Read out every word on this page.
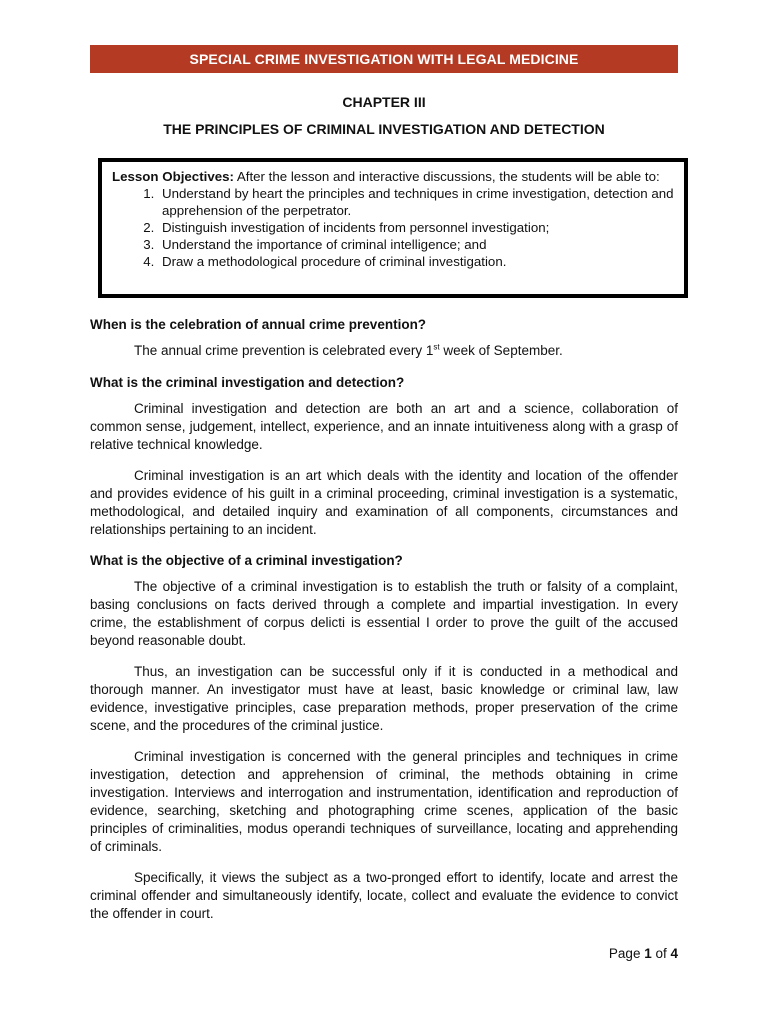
SPECIAL CRIME INVESTIGATION WITH LEGAL MEDICINE
CHAPTER III
THE PRINCIPLES OF CRIMINAL INVESTIGATION AND DETECTION
Lesson Objectives: After the lesson and interactive discussions, the students will be able to:
1. Understand by heart the principles and techniques in crime investigation, detection and apprehension of the perpetrator.
2. Distinguish investigation of incidents from personnel investigation;
3. Understand the importance of criminal intelligence; and
4. Draw a methodological procedure of criminal investigation.
When is the celebration of annual crime prevention?
The annual crime prevention is celebrated every 1st week of September.
What is the criminal investigation and detection?
Criminal investigation and detection are both an art and a science, collaboration of common sense, judgement, intellect, experience, and an innate intuitiveness along with a grasp of relative technical knowledge.
Criminal investigation is an art which deals with the identity and location of the offender and provides evidence of his guilt in a criminal proceeding, criminal investigation is a systematic, methodological, and detailed inquiry and examination of all components, circumstances and relationships pertaining to an incident.
What is the objective of a criminal investigation?
The objective of a criminal investigation is to establish the truth or falsity of a complaint, basing conclusions on facts derived through a complete and impartial investigation. In every crime, the establishment of corpus delicti is essential I order to prove the guilt of the accused beyond reasonable doubt.
Thus, an investigation can be successful only if it is conducted in a methodical and thorough manner. An investigator must have at least, basic knowledge or criminal law, law evidence, investigative principles, case preparation methods, proper preservation of the crime scene, and the procedures of the criminal justice.
Criminal investigation is concerned with the general principles and techniques in crime investigation, detection and apprehension of criminal, the methods obtaining in crime investigation. Interviews and interrogation and instrumentation, identification and reproduction of evidence, searching, sketching and photographing crime scenes, application of the basic principles of criminalities, modus operandi techniques of surveillance, locating and apprehending of criminals.
Specifically, it views the subject as a two-pronged effort to identify, locate and arrest the criminal offender and simultaneously identify, locate, collect and evaluate the evidence to convict the offender in court.
Page 1 of 4
